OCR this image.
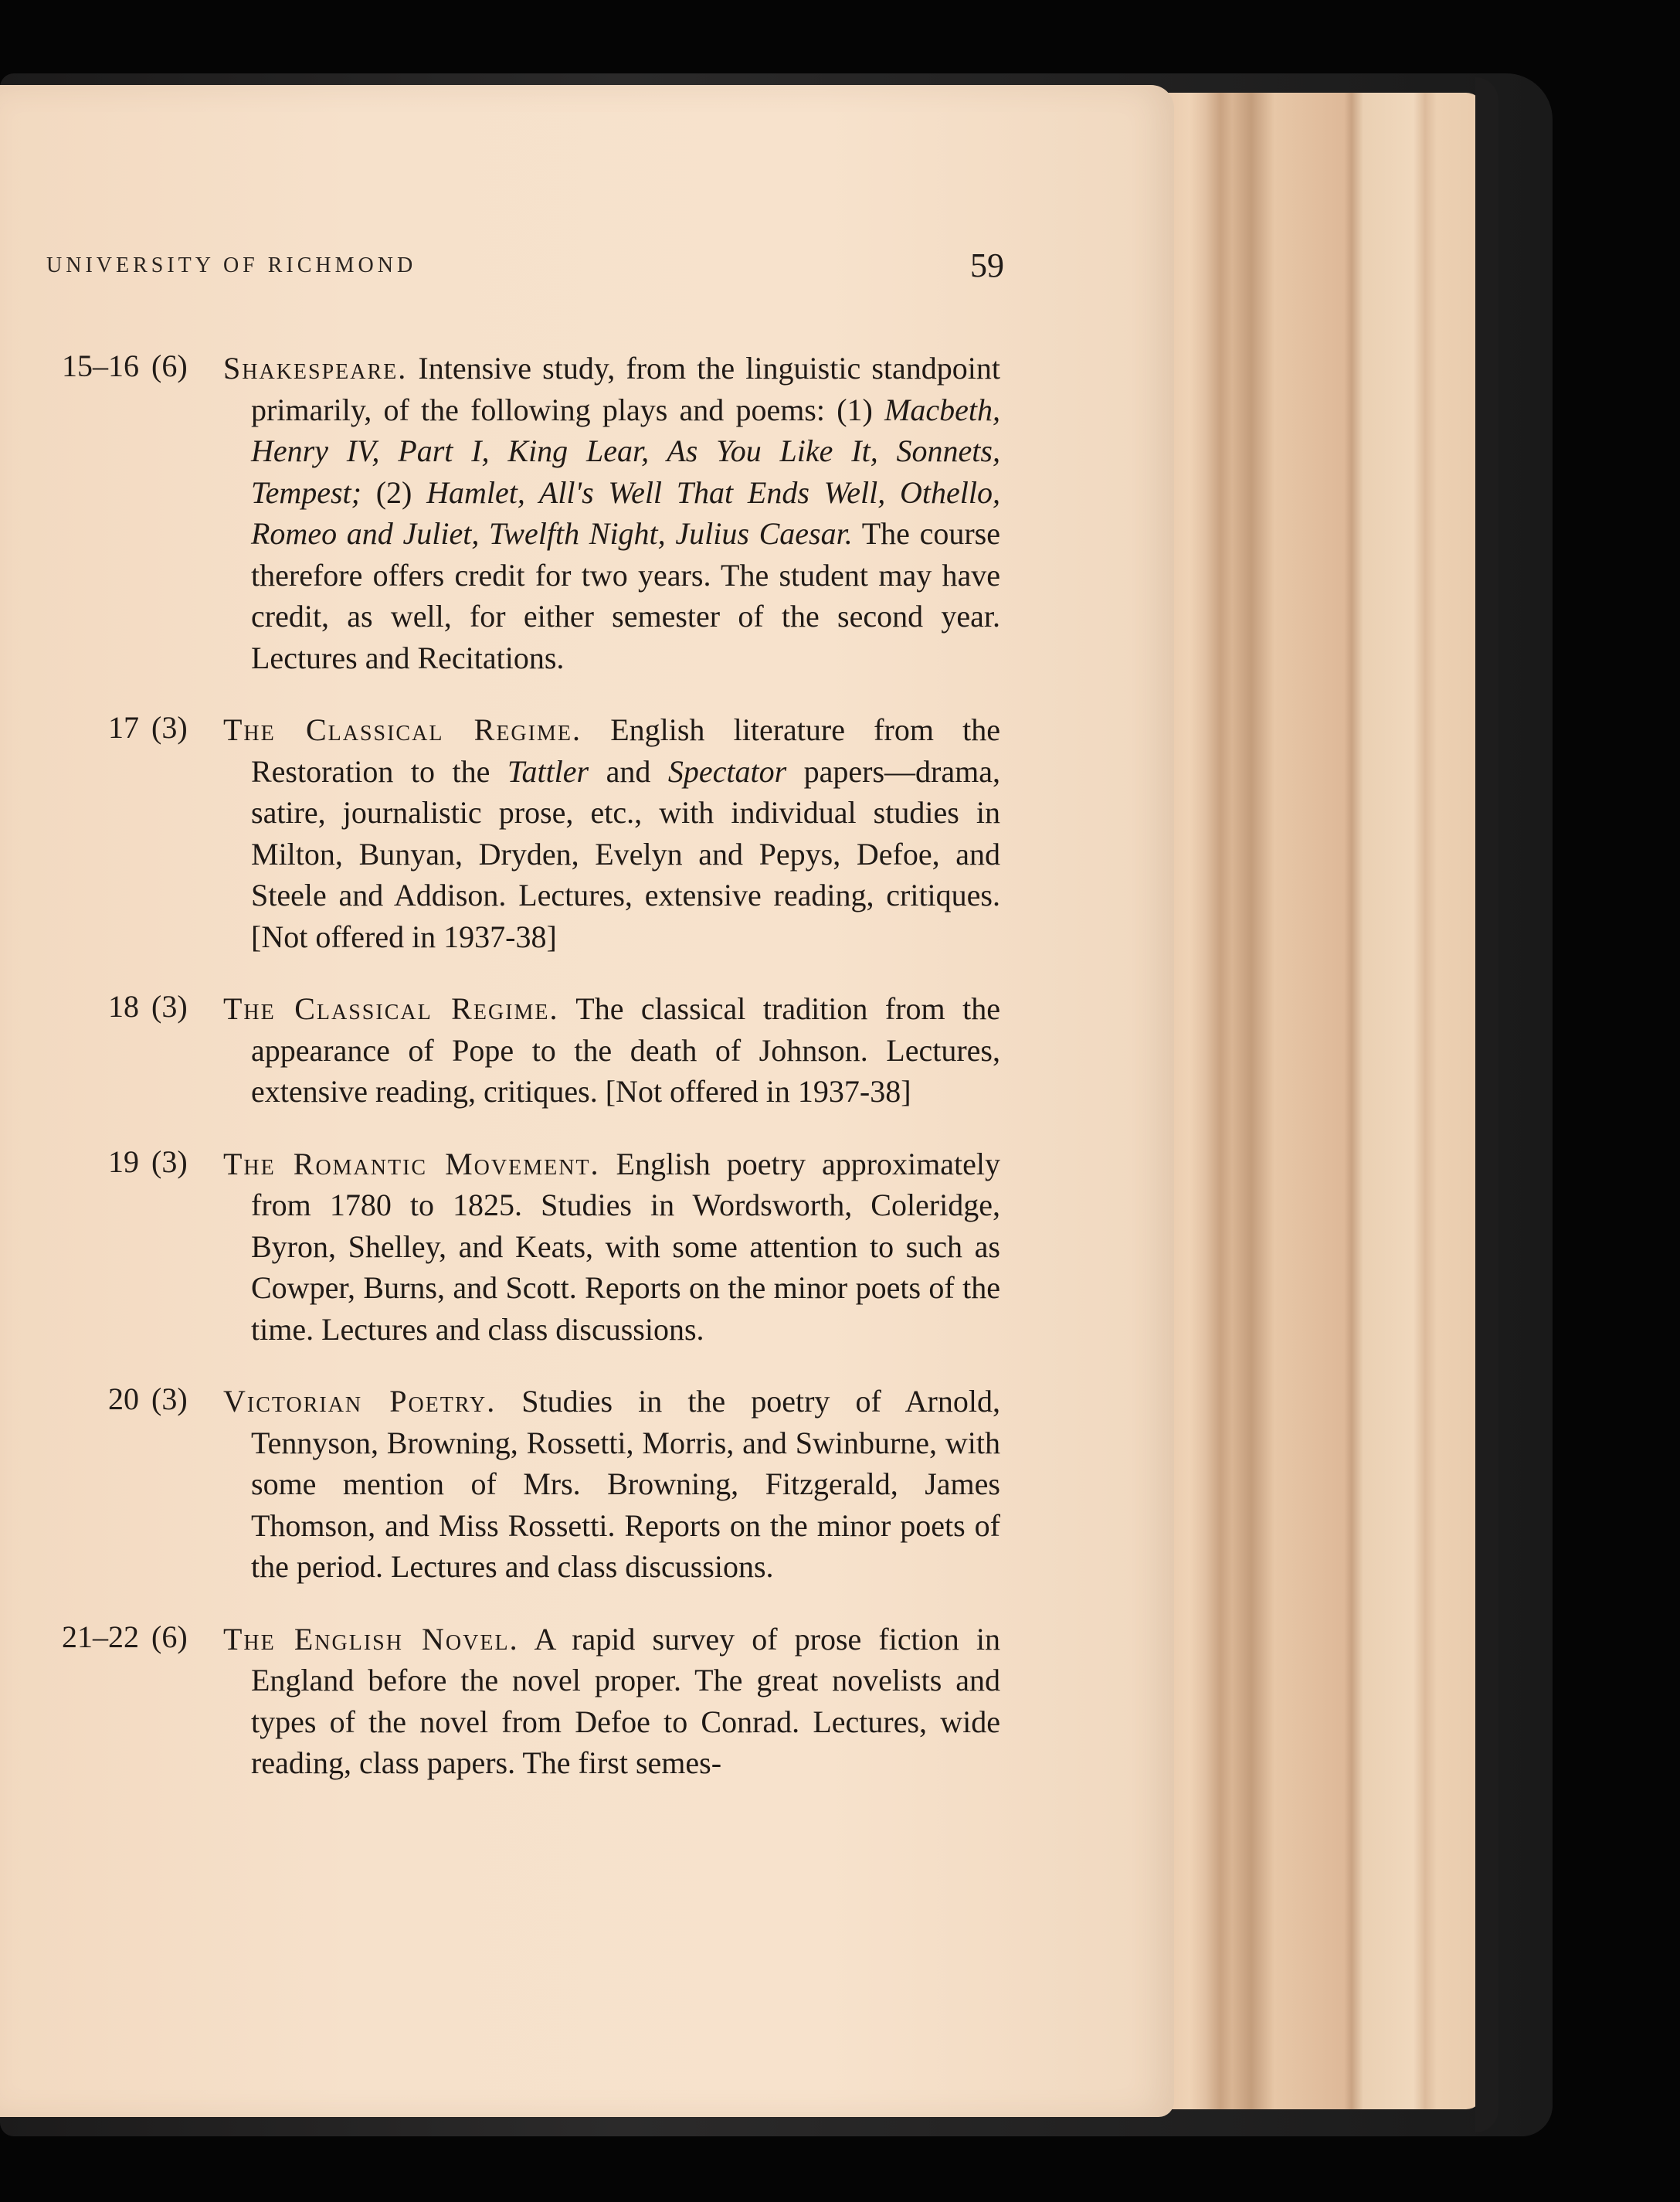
UNIVERSITY OF RICHMOND	59
15–16 (6) Shakespeare. Intensive study, from the linguistic standpoint primarily, of the following plays and poems: (1) Macbeth, Henry IV, Part I, King Lear, As You Like It, Sonnets, Tempest; (2) Hamlet, All's Well That Ends Well, Othello, Romeo and Juliet, Twelfth Night, Julius Caesar. The course therefore offers credit for two years. The student may have credit, as well, for either semester of the second year. Lectures and Recitations.

17 (3)	The Classical Regime. English literature from the Restoration to the Tattler and Spectator papers—drama, satire, journalistic prose, etc., with individual studies in Milton, Bunyan, Dryden, Evelyn and Pepys, Defoe, and Steele and Addison. Lectures, extensive reading, critiques. [Not offered in 1937-38]

18 (3)	The Classical Regime. The classical tradition from the appearance of Pope to the death of Johnson. Lectures, extensive reading, critiques. [Not offered in 1937-38]

19 (3)	The Romantic Movement. English poetry approximately from 1780 to 1825. Studies in Wordsworth, Coleridge, Byron, Shelley, and Keats, with some attention to such as Cowper, Burns, and Scott. Reports on the minor poets of the time. Lectures and class discussions.

20 (3)	Victorian Poetry. Studies in the poetry of Arnold, Tennyson, Browning, Rossetti, Morris, and Swinburne, with some mention of Mrs. Browning, Fitzgerald, James Thomson, and Miss Rossetti. Reports on the minor poets of the period. Lectures and class discussions.

21–22 (6) The English Novel. A rapid survey of prose fiction in England before the novel proper. The great novelists and types of the novel from Defoe to Conrad. Lectures, wide reading, class papers. The first semes-
